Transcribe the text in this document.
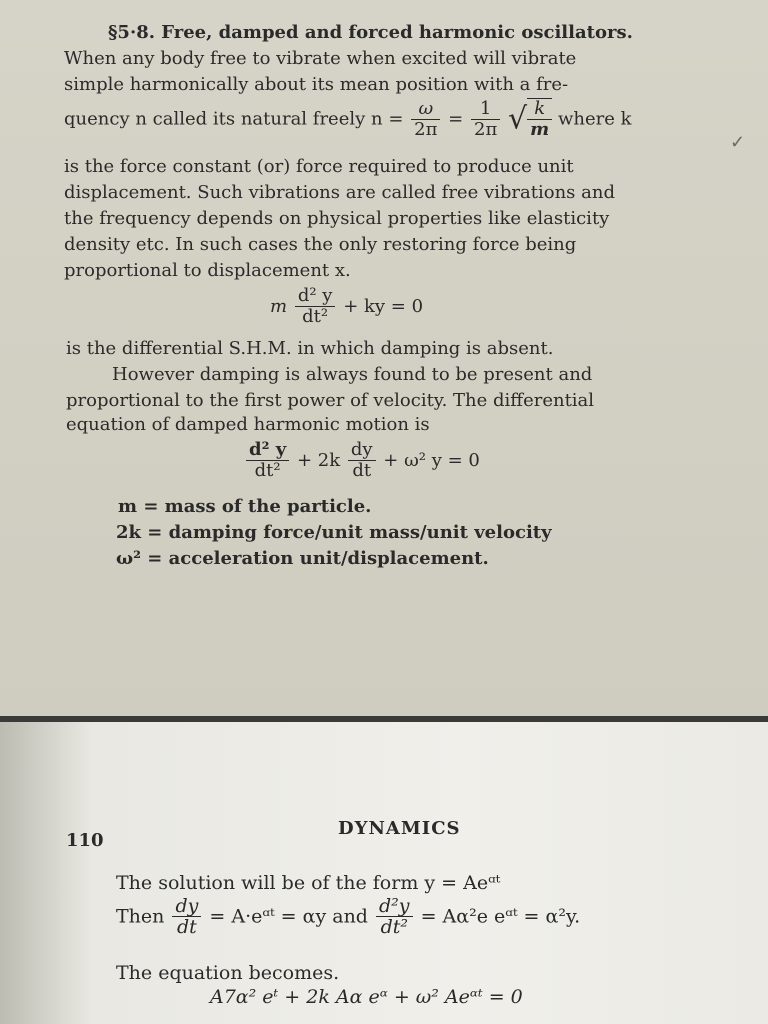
§5·8. Free, damped and forced harmonic oscillators.
When any body free to vibrate when excited will vibrate
simple harmonically about its mean position with a fre-
quency n called its natural freely $n = \frac{\omega}{2\pi} = \frac{1}{2\pi}$ √ $\frac{k}{m}$ where k
✓
is the force constant (or) force required to produce unit
displacement. Such vibrations are called free vibrations and
the frequency depends on physical properties like elasticity
density etc. In such cases the only restoring force being
proportional to displacement x.
m $\frac{\text{d² y}}{\text{dt²}}$ + ky = 0
is the differential S.H.M. in which damping is absent.
However damping is always found to be present and
proportional to the first power of velocity. The differential
equation of damped harmonic motion is
$\frac{\text{d² y}}{\text{dt²}} + 2k \frac{dy}{dt} + \omega^2$ y = 0
m = mass of the particle.
2k = damping force/unit mass/unit velocity
ω² = acceleration unit/displacement.
110
DYNAMICS
The solution will be of the form y = Aeᵅᵗ
Then $\frac{dy}{dt}$ = A·eᵅᵗ = αy and $\frac{\text{d²y}}{\text{dt²}} = A\alpha^2e$ eᵅᵗ = α²y.
The equation becomes.
A7α² eᵗ + 2k Aα eᵅ + ω² Aeᵅᵗ = 0
